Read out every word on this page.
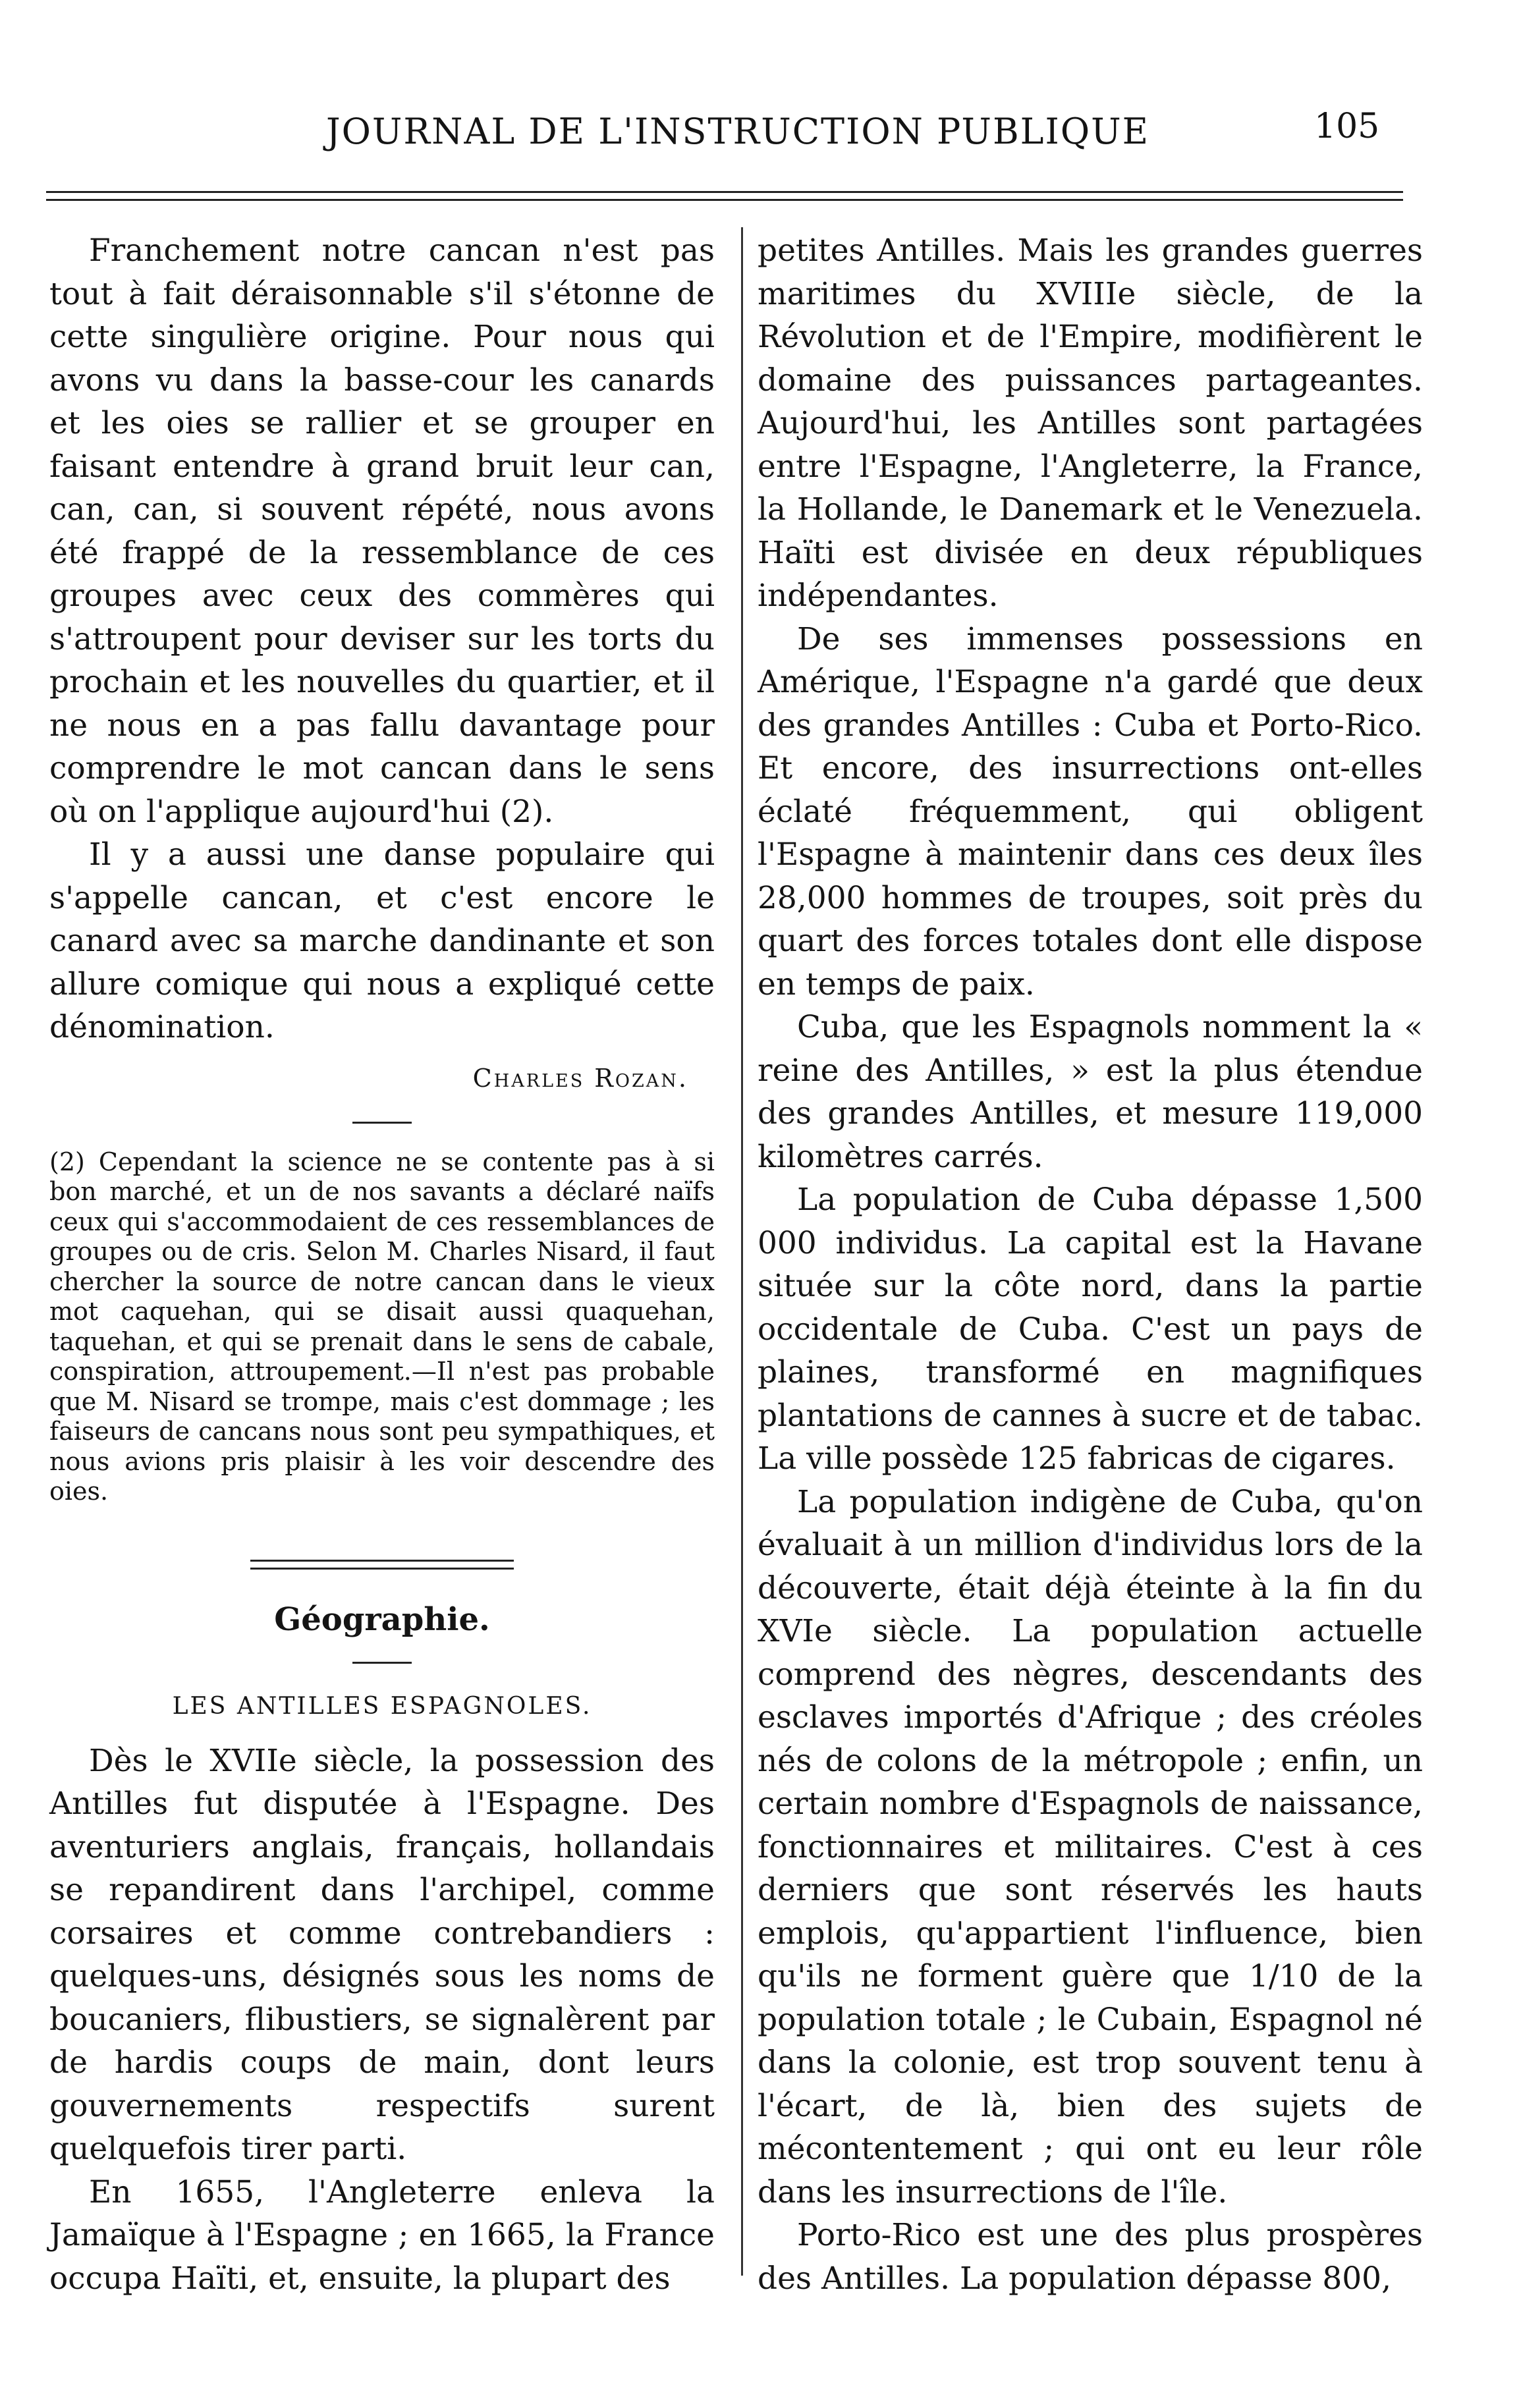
JOURNAL DE L'INSTRUCTION PUBLIQUE	105

Franchement notre cancan n'est pas tout à fait déraisonnable s'il s'étonne de cette singulière origine. Pour nous qui avons vu dans la basse-cour les canards et les oies se rallier et se grouper en faisant entendre à grand bruit leur can, can, can, si souvent répété, nous avons été frappé de la ressemblance de ces groupes avec ceux des commères qui s'attroupent pour deviser sur les torts du prochain et les nouvelles du quartier, et il ne nous en a pas fallu davantage pour comprendre le mot cancan dans le sens où on l'applique aujourd'hui (2).

Il y a aussi une danse populaire qui s'appelle cancan, et c'est encore le canard avec sa marche dandinante et son allure comique qui nous a expliqué cette dénomination.

Charles Rozan.

(2) Cependant la science ne se contente pas à si bon marché, et un de nos savants a déclaré naïfs ceux qui s'accommodaient de ces ressemblances de groupes ou de cris. Selon M. Charles Nisard, il faut chercher la source de notre cancan dans le vieux mot caquehan, qui se disait aussi quaquehan, taquehan, et qui se prenait dans le sens de cabale, conspiration, attroupement.—Il n'est pas probable que M. Nisard se trompe, mais c'est dommage ; les faiseurs de cancans nous sont peu sympathiques, et nous avions pris plaisir à les voir descendre des oies.

Géographie.
LES ANTILLES ESPAGNOLES.

Dès le XVIIe siècle, la possession des Antilles fut disputée à l'Espagne. Des aventuriers anglais, français, hollandais se repandirent dans l'archipel, comme corsaires et comme contrebandiers : quelques-uns, désignés sous les noms de boucaniers, flibustiers, se signalèrent par de hardis coups de main, dont leurs gouvernements respectifs surent quelquefois tirer parti.

En 1655, l'Angleterre enleva la Jamaïque à l'Espagne ; en 1665, la France occupa Haïti, et, ensuite, la plupart des

petites Antilles. Mais les grandes guerres maritimes du XVIIIe siècle, de la Révolution et de l'Empire, modifièrent le domaine des puissances partageantes. Aujourd'hui, les Antilles sont partagées entre l'Espagne, l'Angleterre, la France, la Hollande, le Danemark et le Venezuela. Haïti est divisée en deux républiques indépendantes.

De ses immenses possessions en Amérique, l'Espagne n'a gardé que deux des grandes Antilles : Cuba et Porto-Rico. Et encore, des insurrections ont-elles éclaté fréquemment, qui obligent l'Espagne à maintenir dans ces deux îles 28,000 hommes de troupes, soit près du quart des forces totales dont elle dispose en temps de paix.

Cuba, que les Espagnols nomment la « reine des Antilles, » est la plus étendue des grandes Antilles, et mesure 119,000 kilomètres carrés.

La population de Cuba dépasse 1,500 000 individus. La capital est la Havane située sur la côte nord, dans la partie occidentale de Cuba. C'est un pays de plaines, transformé en magnifiques plantations de cannes à sucre et de tabac. La ville possède 125 fabricas de cigares.

La population indigène de Cuba, qu'on évaluait à un million d'individus lors de la découverte, était déjà éteinte à la fin du XVIe siècle. La population actuelle comprend des nègres, descendants des esclaves importés d'Afrique ; des créoles nés de colons de la métropole ; enfin, un certain nombre d'Espagnols de naissance, fonctionnaires et militaires. C'est à ces derniers que sont réservés les hauts emplois, qu'appartient l'influence, bien qu'ils ne forment guère que 1/10 de la population totale ; le Cubain, Espagnol né dans la colonie, est trop souvent tenu à l'écart, de là, bien des sujets de mécontentement ; qui ont eu leur rôle dans les insurrections de l'île.

Porto-Rico est une des plus prospères des Antilles. La population dépasse 800,
